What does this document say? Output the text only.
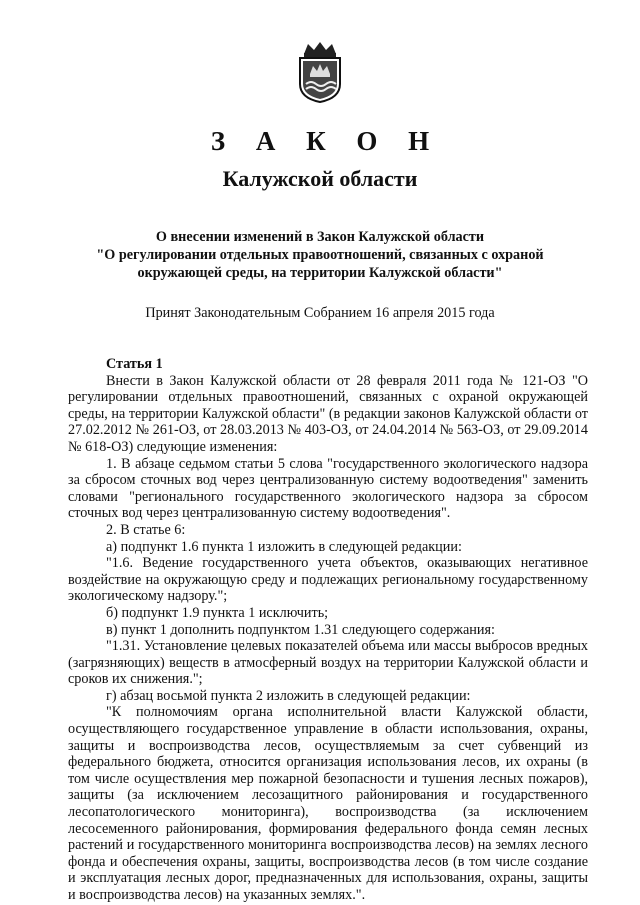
З А К О Н
Калужской области
О внесении изменений в Закон Калужской области
"О регулировании отдельных правоотношений, связанных с охраной
окружающей среды, на территории Калужской области"
Принят Законодательным Собранием 16 апреля 2015 года

Статья 1

Внести в Закон Калужской области от 28 февраля 2011 года № 121-ОЗ "О регулировании отдельных правоотношений, связанных с охраной окружающей среды, на территории Калужской области" (в редакции законов Калужской области от 27.02.2012 № 261-ОЗ, от 28.03.2013 № 403-ОЗ, от 24.04.2014 № 563-ОЗ, от 29.09.2014 № 618-ОЗ) следующие изменения:

1. В абзаце седьмом статьи 5 слова "государственного экологического надзора за сбросом сточных вод через централизованную систему водоотведения" заменить словами "регионального государственного экологического надзора за сбросом сточных вод через централизованную систему водоотведения".

2. В статье 6:

а) подпункт 1.6 пункта 1 изложить в следующей редакции:

"1.6. Ведение государственного учета объектов, оказывающих негативное воздействие на окружающую среду и подлежащих региональному государственному экологическому надзору.";

б) подпункт 1.9 пункта 1 исключить;

в) пункт 1 дополнить подпунктом 1.31 следующего содержания:

"1.31. Установление целевых показателей объема или массы выбросов вредных (загрязняющих) веществ в атмосферный воздух на территории Калужской области и сроков их снижения.";

г) абзац восьмой пункта 2 изложить в следующей редакции:

"К полномочиям органа исполнительной власти Калужской области, осуществляющего государственное управление в области использования, охраны, защиты и воспроизводства лесов, осуществляемым за счет субвенций из федерального бюджета, относится организация использования лесов, их охраны (в том числе осуществления мер пожарной безопасности и тушения лесных пожаров), защиты (за исключением лесозащитного районирования и государственного лесопатологического мониторинга), воспроизводства (за исключением лесосеменного районирования, формирования федерального фонда семян лесных растений и государственного мониторинга воспроизводства лесов) на землях лесного фонда и обеспечения охраны, защиты, воспроизводства лесов (в том числе создание и эксплуатация лесных дорог, предназначенных для использования, охраны, защиты и воспроизводства лесов) на указанных землях.".
